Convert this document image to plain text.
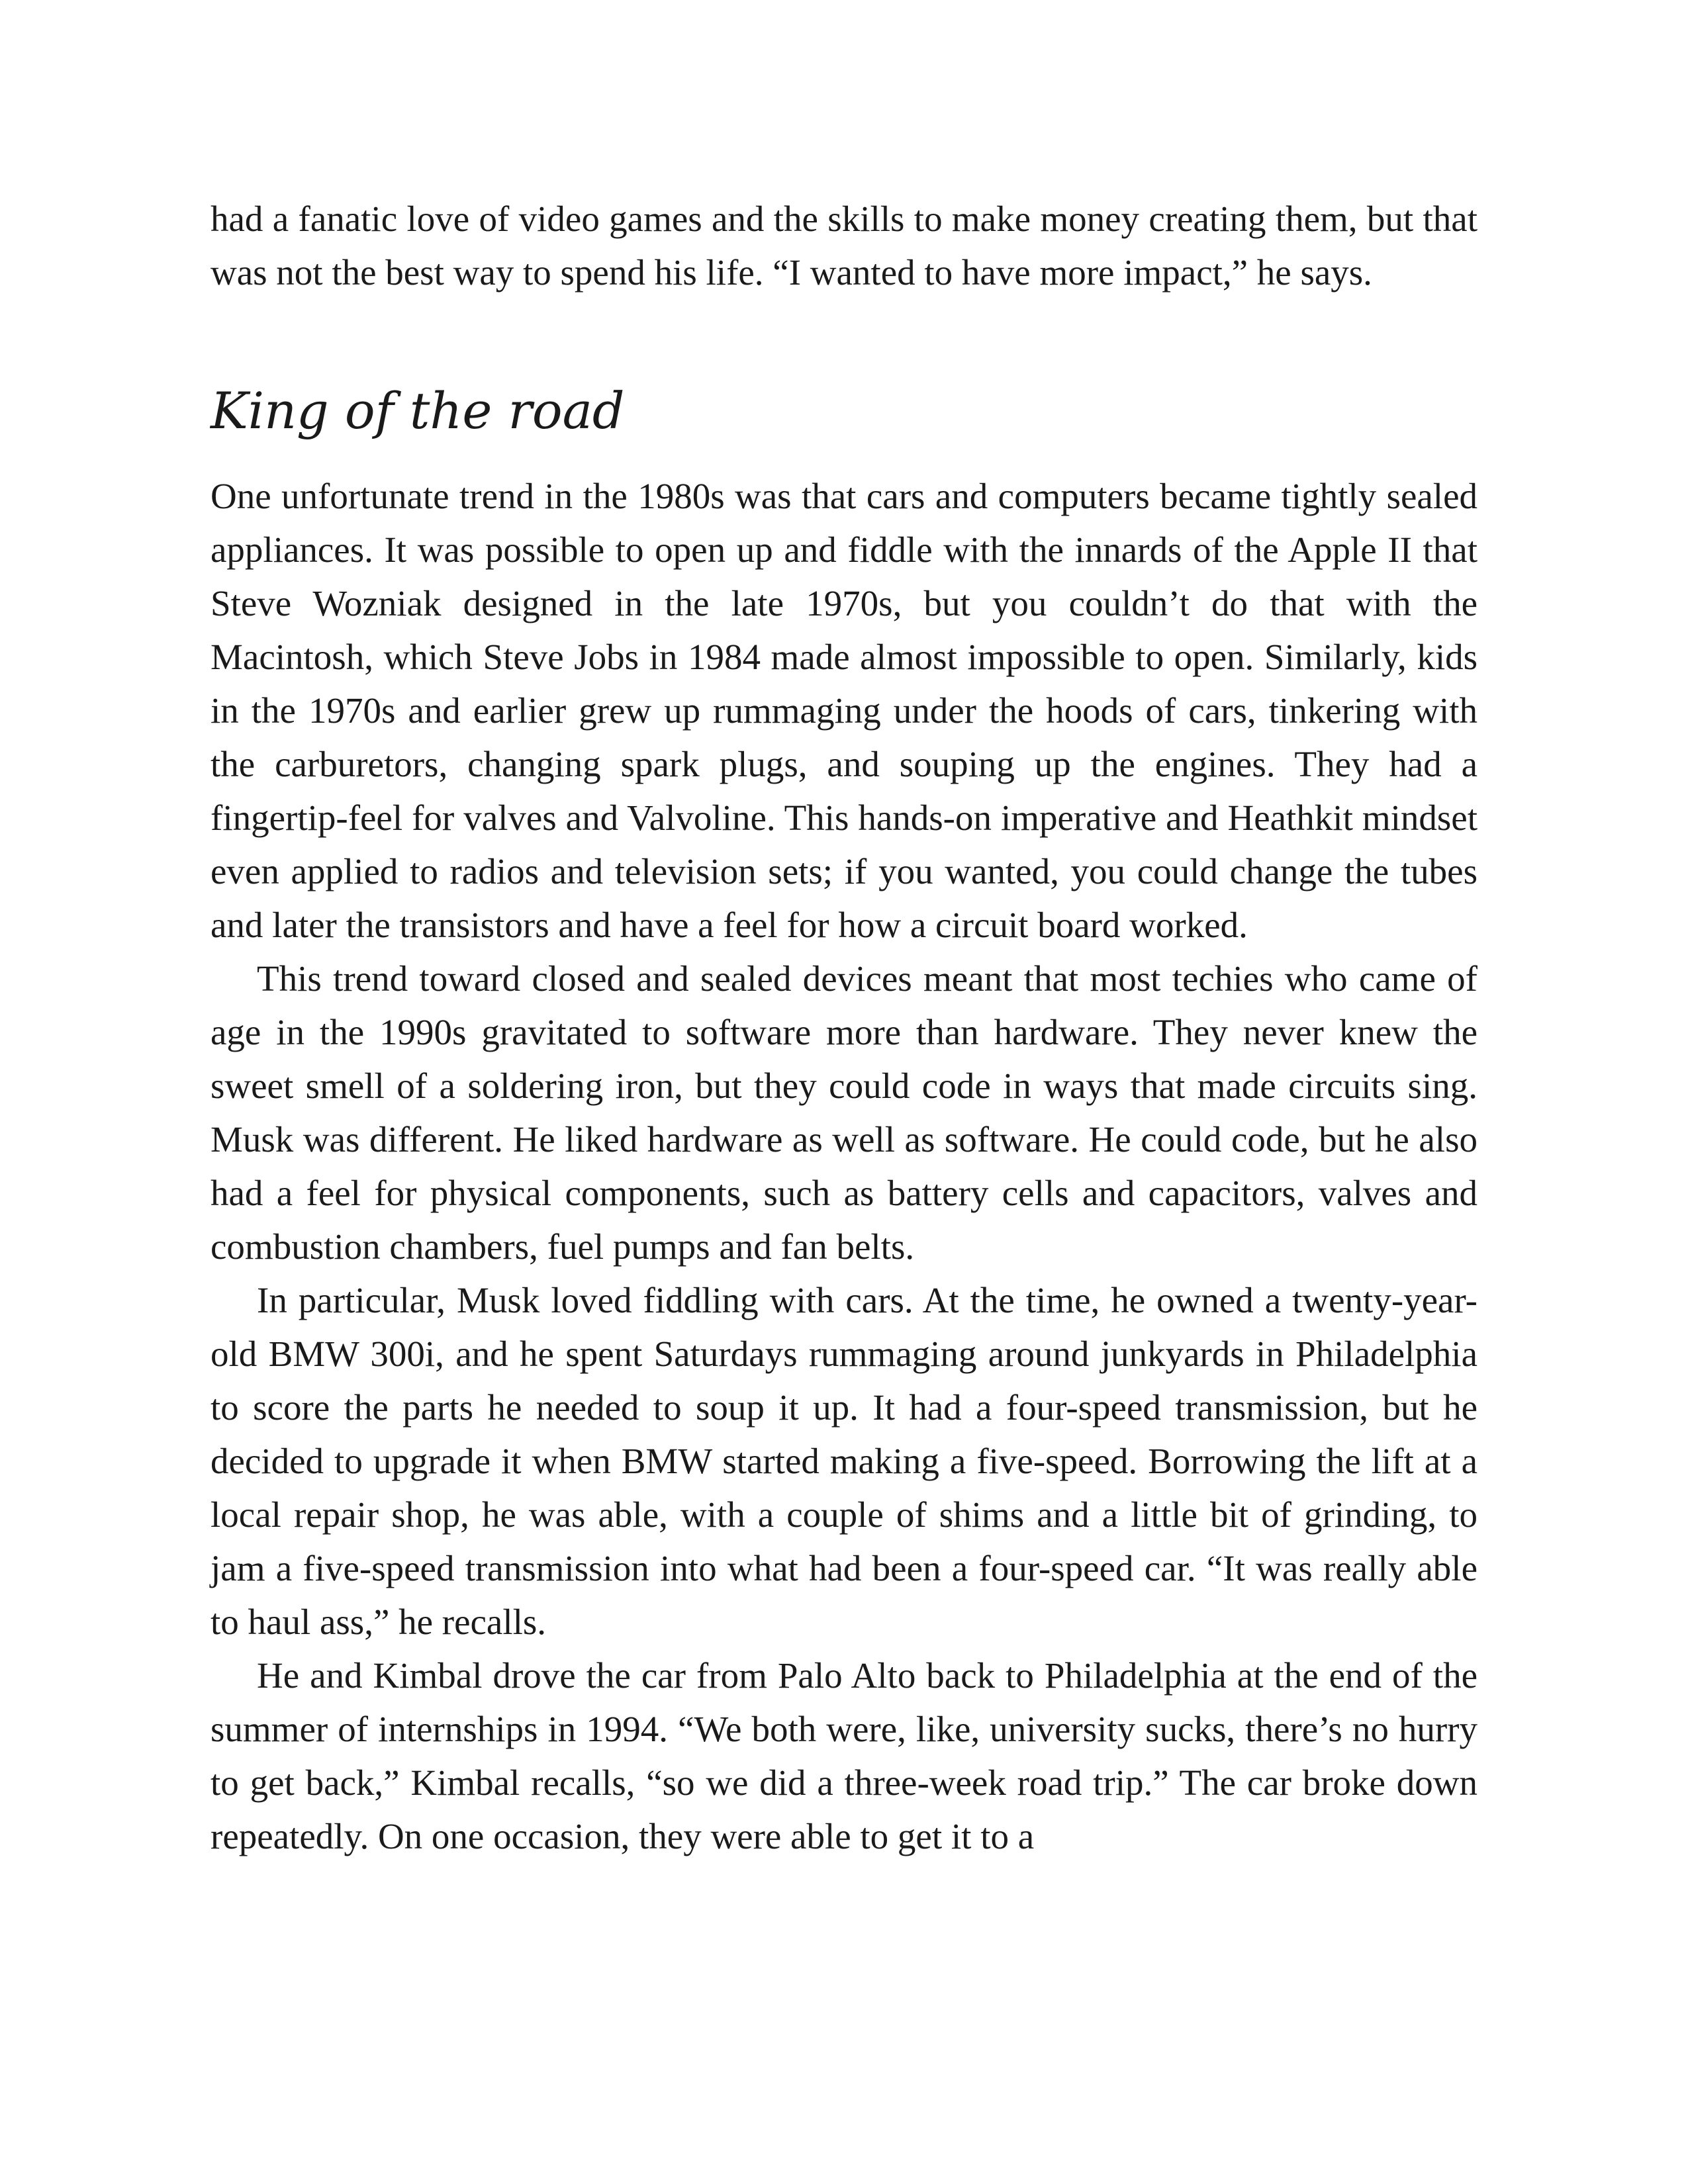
had a fanatic love of video games and the skills to make money creating them, but that was not the best way to spend his life. “I wanted to have more impact,” he says.

King of the road

One unfortunate trend in the 1980s was that cars and computers became tightly sealed appliances. It was possible to open up and fiddle with the innards of the Apple II that Steve Wozniak designed in the late 1970s, but you couldn’t do that with the Macintosh, which Steve Jobs in 1984 made almost impossible to open. Similarly, kids in the 1970s and earlier grew up rummaging under the hoods of cars, tinkering with the carburetors, changing spark plugs, and souping up the engines. They had a fingertip-feel for valves and Valvoline. This hands-on imperative and Heathkit mindset even applied to radios and television sets; if you wanted, you could change the tubes and later the transistors and have a feel for how a circuit board worked.

This trend toward closed and sealed devices meant that most techies who came of age in the 1990s gravitated to software more than hardware. They never knew the sweet smell of a soldering iron, but they could code in ways that made circuits sing. Musk was different. He liked hardware as well as software. He could code, but he also had a feel for physical components, such as battery cells and capacitors, valves and combustion chambers, fuel pumps and fan belts.

In particular, Musk loved fiddling with cars. At the time, he owned a twenty-year-old BMW 300i, and he spent Saturdays rummaging around junkyards in Philadelphia to score the parts he needed to soup it up. It had a four-speed transmission, but he decided to upgrade it when BMW started making a five-speed. Borrowing the lift at a local repair shop, he was able, with a couple of shims and a little bit of grinding, to jam a five-speed transmission into what had been a four-speed car. “It was really able to haul ass,” he recalls.

He and Kimbal drove the car from Palo Alto back to Philadelphia at the end of the summer of internships in 1994. “We both were, like, university sucks, there’s no hurry to get back,” Kimbal recalls, “so we did a three-week road trip.” The car broke down repeatedly. On one occasion, they were able to get it to a
